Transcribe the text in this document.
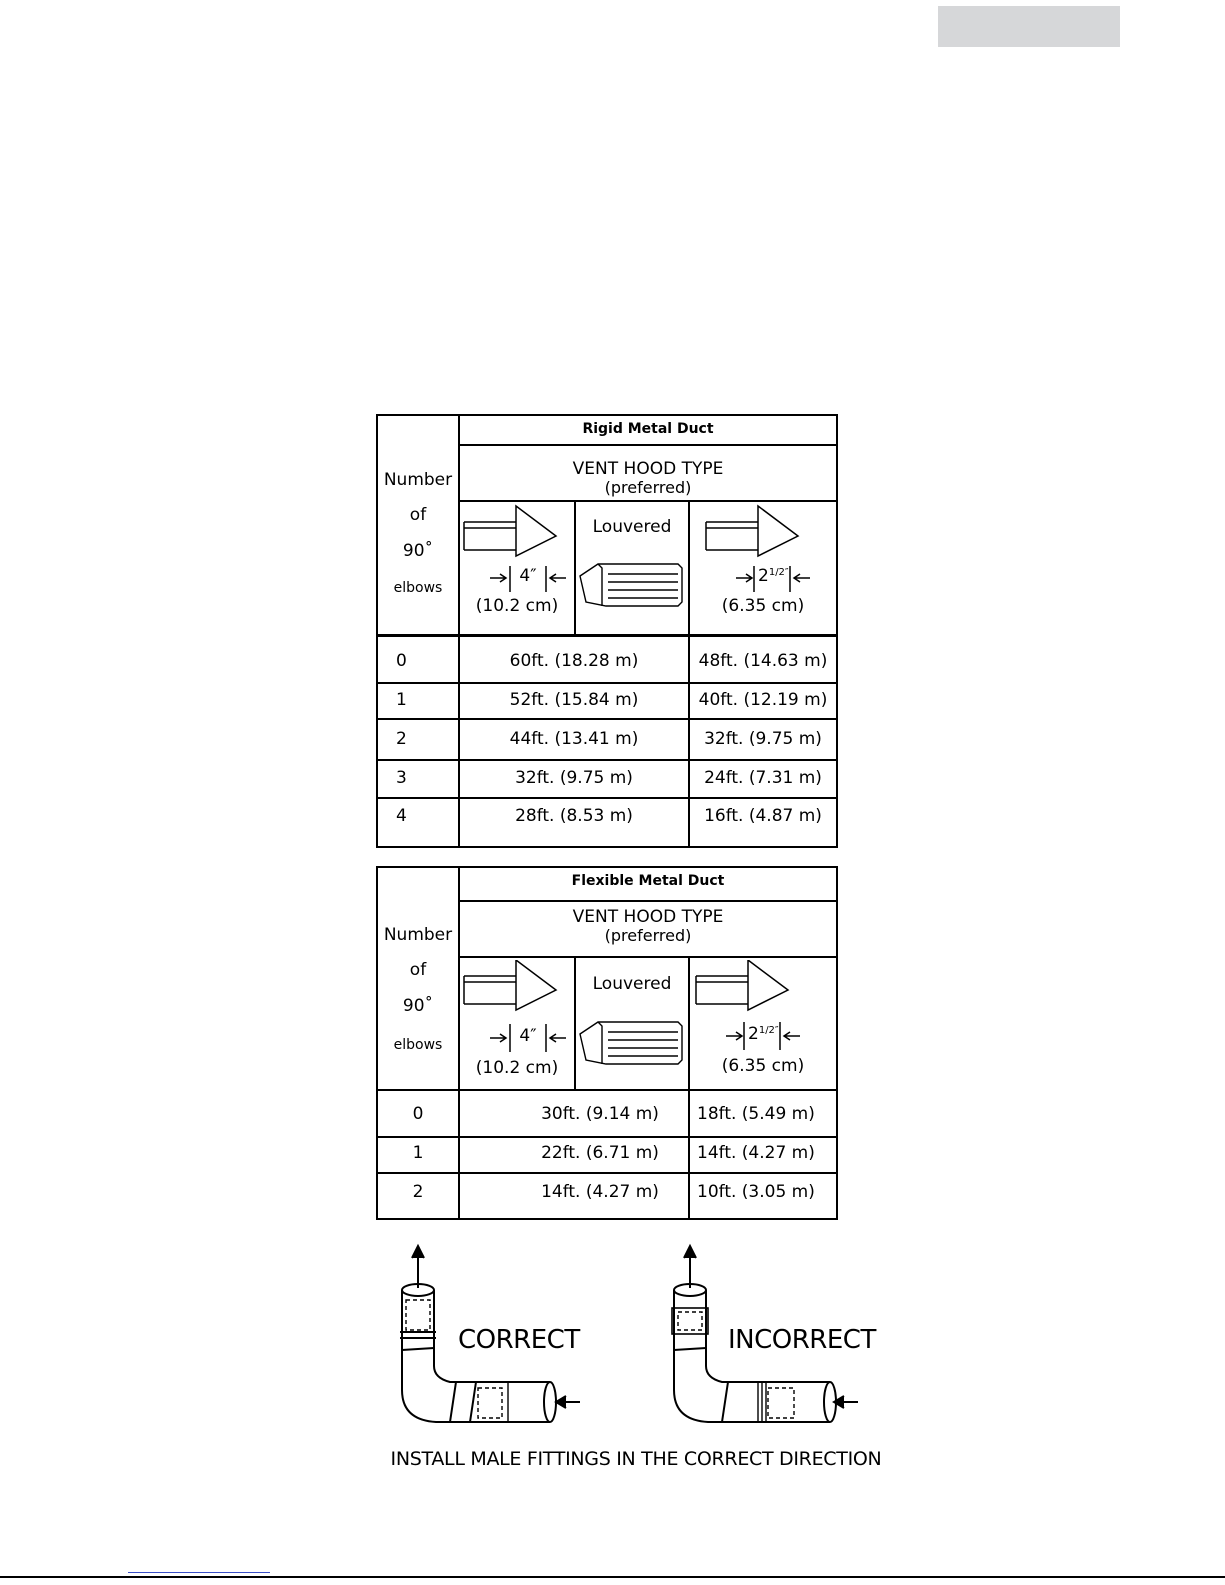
Rigid Metal Duct
VENT HOOD TYPE
(preferred)
Number
of
90˚
elbows
4″
(10.2 cm)
Louvered
$2^{1/2''}$
(6.35 cm)
0	60ft. (18.28 m)	48ft. (14.63 m)
1	52ft. (15.84 m)	40ft. (12.19 m)
2	44ft. (13.41 m)	32ft. (9.75 m)
3	32ft. (9.75 m)	24ft. (7.31 m)
4	28ft. (8.53 m)	16ft. (4.87 m)
Flexible Metal Duct
VENT HOOD TYPE
(preferred)
Number
of
90˚
elbows	4″
(10.2 cm)
Louvered
$2^{1/2''}$
(6.35 cm)
0	30ft. (9.14 m)	18ft. (5.49 m)
1	22ft. (6.71 m)	14ft. (4.27 m)
2	14ft. (4.27 m)	10ft. (3.05 m)
CORRECT	INCORRECT
INSTALL MALE FITTINGS IN THE CORRECT DIRECTION
